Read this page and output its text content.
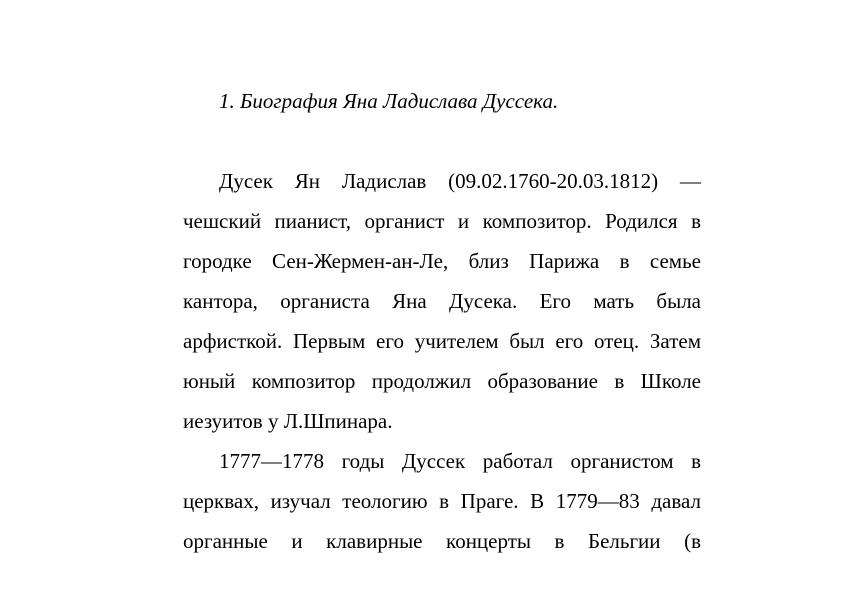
1. Биография Яна Ладислава Дуссека.
Дусек Ян Ладислав (09.02.1760-20.03.1812) —
чешский пианист, органист и композитор. Родился в
городке Сен-Жермен-ан-Ле, близ Парижа в семье
кантора, органиста Яна Дусека. Его мать была
арфисткой. Первым его учителем был его отец. Затем
юный композитор продолжил образование в Школе
иезуитов у Л.Шпинара.
1777—1778 годы Дуссек работал органистом в
церквах, изучал теологию в Праге. В 1779—83 давал
органные и клавирные концерты в Бельгии (в
